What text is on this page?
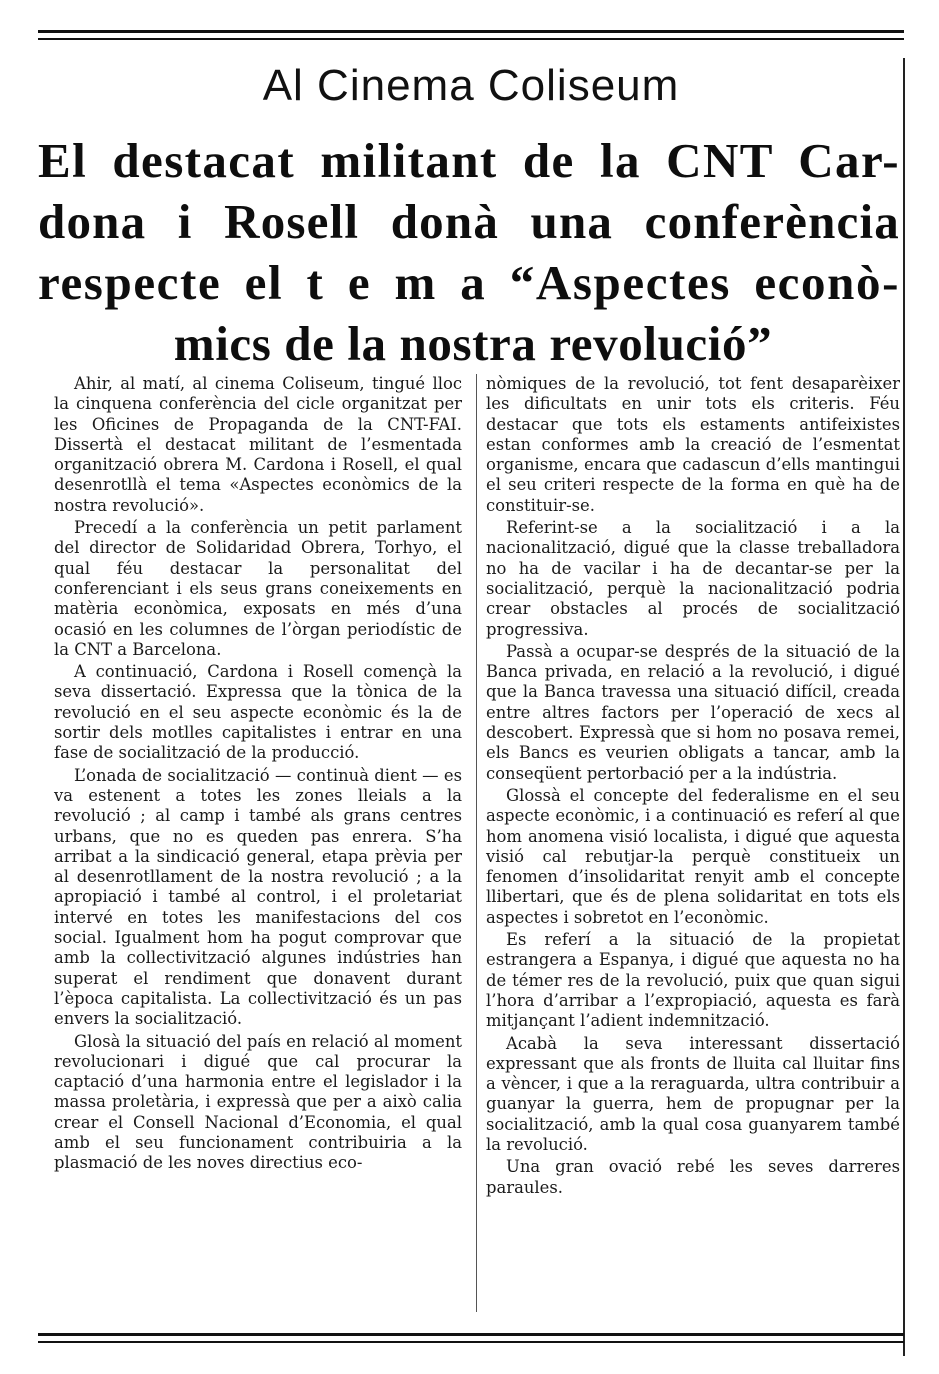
Al Cinema Coliseum
El destacat militant de la CNT Car-
dona i Rosell donà una conferència
respecte el t e m a “Aspectes econò-
mics de la nostra revolució”

Ahir, al matí, al cinema Coliseum, tingué lloc la cinquena conferència del cicle organitzat per les Oficines de Propaganda de la CNT-FAI. Dissertà el destacat militant de l’esmentada organització obrera M. Cardona i Rosell, el qual desenrotllà el tema «Aspectes econòmics de la nostra revolució».

Precedí a la conferència un petit parlament del director de Solidaridad Obrera, Torhyo, el qual féu destacar la personalitat del conferenciant i els seus grans coneixements en matèria econòmica, exposats en més d’una ocasió en les columnes de l’òrgan periodístic de la CNT a Barcelona.

A continuació, Cardona i Rosell començà la seva dissertació. Expressa que la tònica de la revolució en el seu aspecte econòmic és la de sortir dels motlles capitalistes i entrar en una fase de socialització de la producció.

L’onada de socialització — continuà dient — es va estenent a totes les zones lleials a la revolució ; al camp i també als grans centres urbans, que no es queden pas enrera. S’ha arribat a la sindicació general, etapa prèvia per al desenrotllament de la nostra revolució ; a la apropiació i també al control, i el proletariat intervé en totes les manifestacions del cos social. Igualment hom ha pogut comprovar que amb la collectivització algunes indústries han superat el rendiment que donavent durant l’època capitalista. La collectivització és un pas envers la socialització.

Glosà la situació del país en relació al moment revolucionari i digué que cal procurar la captació d’una harmonia entre el legislador i la massa proletària, i expressà que per a això calia crear el Consell Nacional d’Economia, el qual amb el seu funcionament contribuiria a la plasmació de les noves directius eco-

nòmiques de la revolució, tot fent desaparèixer les dificultats en unir tots els criteris. Féu destacar que tots els estaments antifeixistes estan conformes amb la creació de l’esmentat organisme, encara que cadascun d’ells mantingui el seu criteri respecte de la forma en què ha de constituir-se.

Referint-se a la socialització i a la nacionalització, digué que la classe treballadora no ha de vacilar i ha de decantar-se per la socialització, perquè la nacionalització podria crear obstacles al procés de socialització progressiva.

Passà a ocupar-se després de la situació de la Banca privada, en relació a la revolució, i digué que la Banca travessa una situació difícil, creada entre altres factors per l’operació de xecs al descobert. Expressà que si hom no posava remei, els Bancs es veurien obligats a tancar, amb la conseqüent pertorbació per a la indústria.

Glossà el concepte del federalisme en el seu aspecte econòmic, i a continuació es referí al que hom anomena visió localista, i digué que aquesta visió cal rebutjar-la perquè constitueix un fenomen d’insolidaritat renyit amb el concepte llibertari, que és de plena solidaritat en tots els aspectes i sobretot en l’econòmic.

Es referí a la situació de la propietat estrangera a Espanya, i digué que aquesta no ha de témer res de la revolució, puix que quan sigui l’hora d’arribar a l’expropiació, aquesta es farà mitjançant l’adient indemnització.

Acabà la seva interessant dissertació expressant que als fronts de lluita cal lluitar fins a vèncer, i que a la reraguarda, ultra contribuir a guanyar la guerra, hem de propugnar per la socialització, amb la qual cosa guanyarem també la revolució.

Una gran ovació rebé les seves darreres paraules.
